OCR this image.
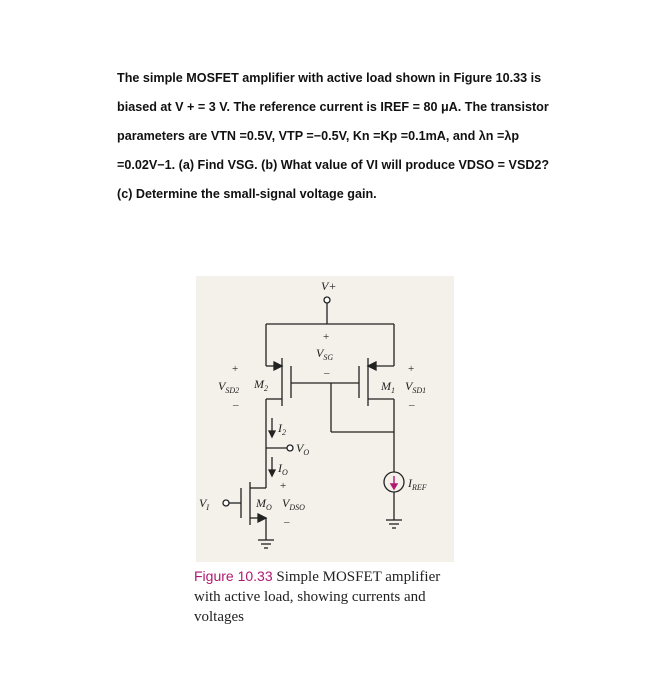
The simple MOSFET amplifier with active load shown in Figure 10.33 is
biased at V + = 3 V. The reference current is IREF = 80 μA. The transistor
parameters are VTN =0.5V, VTP =−0.5V, Kn =Kp =0.1mA, and λn =λp
=0.02V−1. (a) Find VSG. (b) What value of VI will produce VDSO = VSD2?
(c) Determine the small-signal voltage gain.
V+
+
$V_{SG}$
–
+
$V_{SD2}$ $M_2$
–
+
$M_1$ $V_{SD1}$
–
$I_2$
$V_O$
$I_O$
+	$I_{REF}$
$V_I$	$M_O$ $V_{DSO}$
–
Figure 10.33 Simple MOSFET amplifier with active load, showing currents and voltages
